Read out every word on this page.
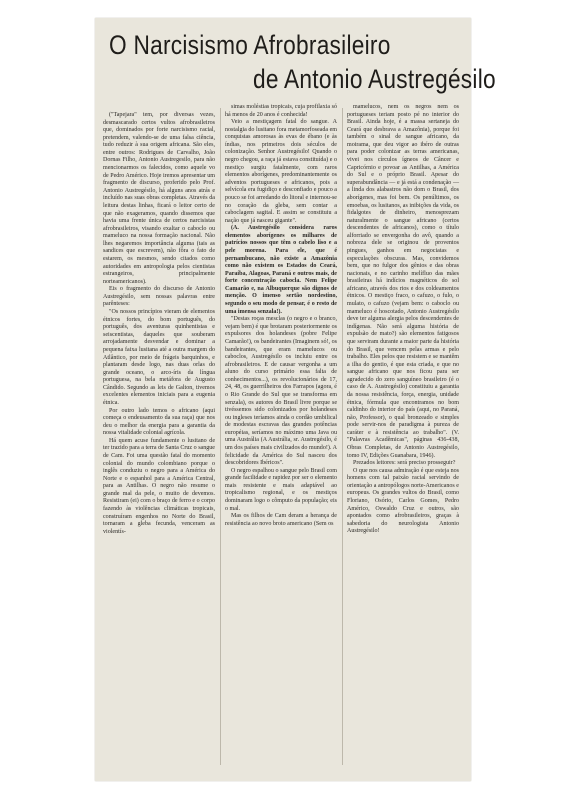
O Narcisismo Afrobrasileiro
de Antonio Austregésilo

("Tapejara" tem, por diversas vezes, desmascarado certos vultos afrobrasileiros que, dominados por forte narcisismo racial, pretendem, valendo-se de uma falsa ciência, tudo reduzir à sua origem africana. São eles, entre outros: Rodrigues de Carvalho, João Dornas Filho, Antonio Austregesilo, para não mencionarmos os falecidos, como aquele vo de Pedro Américo. Hoje iremos apresentar um fragmento de discurso, proferido pelo Prof. Antonio Austregésilo, há alguns anos atrás e incluído nas suas obras completas. Através da leitura destas linhas, ficará o leitor certo de que não exageramos, quando dissemos que havia uma frente única de certos narcisistas afrobrasileiros, visando exaltar o caboclo ou mameluco na nossa formação nacional. Não lhes negaremos importância alguma (tais as sandices que escrevem), não fôra o fato de estarem, os mesmos, sendo citados como autoridades em antropologia pelos cientistas estrangeiros, principalmente norteamericanos).

Eis o fragmento do discurso de Antonio Austregésilo, sem nossas palavras entre parênteses:

"Os nossos princípios vieram de elementos étnicos fortes, do bom português, do português, dos aventuras quinhentistas e seiscentistas, daqueles que souberam arrojadamente desvendar e dominar a pequena faixa lusitana até a outra margem do Atlântico, por meio de frágeis barquinhos, e plantaram desde logo, nas duas orlas do grande oceano, o arco-íris da língua portuguesa, na bela metáfora de Augusto Cândido. Segundo as leis de Galton, tivemos excelentes elementos iniciais para a eugenia étnica.

Por outro lado temos o africano (aqui começa o endeusamento da sua raça) que nos deu o melhor da energia para a garantia da nossa vitalidade colonial agrícola.

Há quem acuse fundamente o lusitano de ter trazido para a terra de Santa Cruz o sangue de Cam. Foi uma questão fatal do momento colonial do mundo colombiano porque o inglês conduziu o negro para a América do Norte e o espanhol para a América Central, para as Antilhas. O negro não resume o grande mal da pele, o muito de devemos. Resistiram (ei) com o braço de ferro e o corpo fazendo às violências climáticas tropicais, construíram engenhos no Norte do Brasil, tornaram a gleba fecunda, venceram as violentís-

simas moléstias tropicais, cuja profilaxia só há menos de 20 anos é conhecida!

Veio a mestiçagem fatal do sangue. A nostalgia do lusitano fora metamorfoseada em conquistas amorosas às evas de ébano (e às índias, nos primeiros dois séculos de colonização. Senhor Austregésilo! Quando o negro chegou, a raça já estava constituída) e o mestiço surgiu fatalmente, com raros elementos aborígenes, predominantemente os adventos portugueses e africanos, pois a selvícola era fugidiço e desconfiado e pouco a pouco se foi arredando do litoral e internou-se no coração da gleba, sem contar a caboclagem sagital. E assim se constituiu a nação que já nasceu gigante".

(A. Austregésilo considera raros elementos aborígenes os milhares de patrícios nossos que têm o cabelo liso e a pele morena. Para ele, que é pernambucano, não existe a Amazônia como não existem os Estados do Ceará, Paraíba, Alagoas, Paraná e outros mais, de forte concentração cabocla. Nem Felipe Camarão e, na Albuquerque são dignos de menção. O imenso sertão nordestino, segundo o seu modo de pensar, é o resto de uma imensa senzala!).

"Destas roças mesclas (o negro e o branco, vejam bem) é que brotaram posteriormente os expulsores dos holandeses (pobre Felipe Camarão!), os bandeirantes (Imaginem só!, os bandeirantes, que eram mamelucos ou caboclos, Austregésilo os incluiu entre os afrobrasileiros. E de causar vergonha a um aluno do curso primário essa falta de conhecimentos...), os revolucionários de 17, 24, 48, os guerrilheiros dos Farrapos (agora, é o Rio Grande do Sul que se transforma em senzala), os autores do Brasil livre porque se tivéssemos sido colonizados por holandeses ou ingleses teríamos ainda o cordão umbilical de modestas escravas das grandes potências européias, seríamos no máximo uma Java ou uma Austrália (A Austrália, sr. Austregésilo, é um dos países mais civilizados do mundo!). A felicidade da América do Sul nasceu dos descobridores Ibéricos".

O negro espalhou o sangue pelo Brasil com grande facilidade e rapidez por ser o elemento mais resistente e mais adaptável ao tropicalismo regional, e os mestiços dominaram logo o cômputo da população; eis o mal.

Mas os filhos de Cam deram a herança de resistência ao novo broto americano (Sem os

mamelucos, nem os negros nem os portugueses teriam posto pé no interior do Brasil. Ainda hoje, é a massa sertaneja do Ceará que desbrava a Amazônia), porque foi também o sinal de sangue africano, da moirama, que deu vigor ao ibéro de outras para poder colonizar as terras americanas, vivei nos círculos ígneos de Câncer e Capricórnio e povoar as Antilhas, a América do Sul e o próprio Brasil. Apesar do superabundância — e já está a condenação — a linda dos alabastros não dom o Brasil, dos aborígenes, mas foi bem. Os penúltimos, os emoebas, os lusitanos, as inibições da vida, os fidalgotes de dinheiro, menosprezam naturalmente o sangue africano (certos descendentes de africanos), como o título alforriado se envergonha do avô, quando a nobreza dele se originou de proventos pingues, ganhos em negociatas e especulações obscuras. Mas, convidemos bem, que no fulgor dos gênios e das obras nacionais, e no carinho melífluo das mães brasileiras há indícios magnéticos do sol africano, através dos rios e dos coldeamentos étnicos. O mestiço fraco, o cafuzo, o fulo, o mulato, o cafuzo (vejam bem: o caboclo ou mameluco é hoscotado, Antonio Austregésilo deve ter alguma alergia pelos descendentes de indígenas. Não será alguma história de expulsão de mato?) são elementos fatigosos que serviram durante a maior parte da história do Brasil, que vencem pelas armas e pelo trabalho. Eles pelos que resistem e se mantêm a ilha do gentio, é que esta criada, e que no sangue africano que nos ficou para ser agradecido do zero sanguíneo brasileiro (é o caso de A. Austregésilo) constituiu a garantia da nossa resistência, força, energia, unidade étnica, fórmula que encontramos no bom caldinho do interior do país (aqui, no Paraná, não, Professor), o qual bronzeado e simples pode servir-nos de paradigma à pureza de caráter e à resistência ao trabalho". (V. "Palavras Acadêmicas", páginas 436-438, Obras Completas, de Antonio Austregésilo, tomo IV, Edições Guanabara, 1946).

Prezados leitores: será preciso prosseguir?

O que nos causa admiração é que esteja nos homens com tal paixão racial servindo de orientação a antropólogos norte-Americanos e europeus. Os grandes vultos do Brasil, como Floriano, Osório, Carlos Gomes, Pedro Américo, Oswaldo Cruz e outros, são apontados como afrobrasileiros, graças à sabedoria do neurologista Antonio Austregésilo!
